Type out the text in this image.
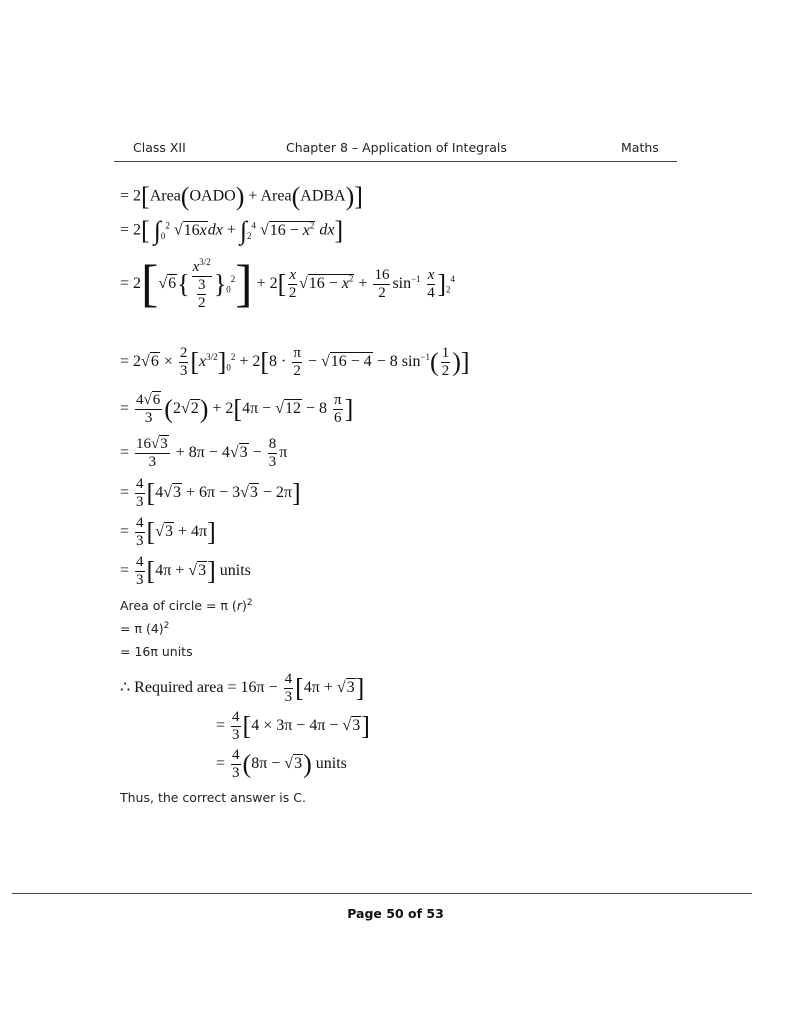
Class XII	Chapter 8 – Application of Integrals	Maths
= 2[Area(OADO) + Area(ADBA)]
= 2[ $\int_0^2$ $√16xdx + \int_2^4$ $√16 - x^2$ dx]
= $2[√6\{ \frac{x^{3/2}}{\frac{3}{2}} \}_0^2] + 2[ \frac{x}{2} √16 - x^2 + \frac{16}{2} \sin^{-1} \frac{x}{4} ]_2^4$
= $2√6 \times \frac{2}{3} [x^{3/2}]_0^2 + 2[8 \cdot \frac{\pi}{2} - √16 - 4 - 8$ $\sin^{-1}( \frac{1}{2}$ )]
= $\frac{4√6}{3} (2√2) + 2[4\pi - √12 - 8 \frac{\pi}{6}$ ]
= $\frac{16√3}{3} + 8\pi - 4√3 - \frac{8}{3}$ π
= $\frac{4}{3} [4√3 + 6\pi - 3√3 - 2\pi]$
= $\frac{4}{3} [√3 + 4\pi]$
= $\frac{4}{3} [4\pi + √3]$ units
Area of circle = π $(r)^2$
= π $(4)^2$
= 16π units
∴ Required area = $16\pi - \frac{4}{3} [4\pi + √3]$
= $\frac{4}{3} [4 \times 3\pi - 4\pi - √3]$
= $\frac{4}{3} (8\pi - √3)$ units
Thus, the correct answer is C.
Page 50 of 53
